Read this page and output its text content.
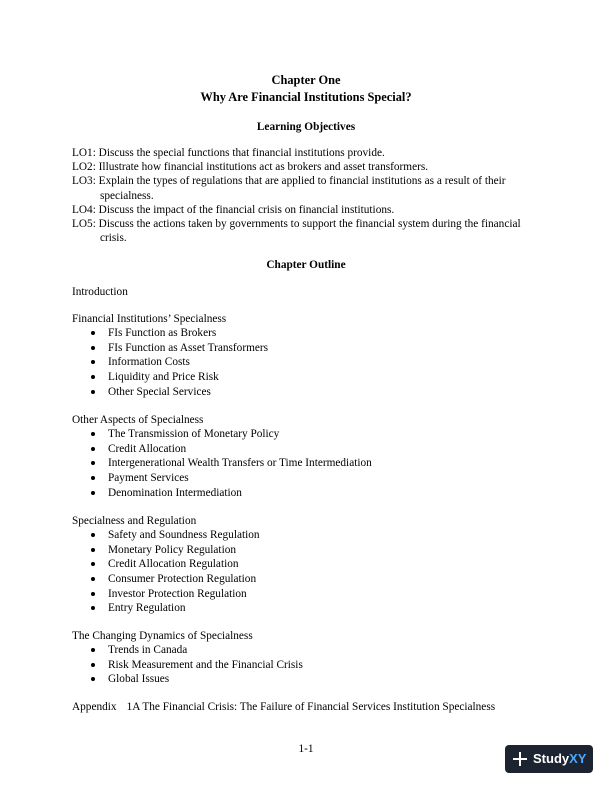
Chapter One
Why Are Financial Institutions Special?
Learning Objectives
LO1: Discuss the special functions that financial institutions provide.
LO2: Illustrate how financial institutions act as brokers and asset transformers.
LO3: Explain the types of regulations that are applied to financial institutions as a result of their specialness.
LO4: Discuss the impact of the financial crisis on financial institutions.
LO5: Discuss the actions taken by governments to support the financial system during the financial crisis.
Chapter Outline
Introduction
Financial Institutions’ Specialness
FIs Function as Brokers
FIs Function as Asset Transformers
Information Costs
Liquidity and Price Risk
Other Special Services
Other Aspects of Specialness
The Transmission of Monetary Policy
Credit Allocation
Intergenerational Wealth Transfers or Time Intermediation
Payment Services
Denomination Intermediation
Specialness and Regulation
Safety and Soundness Regulation
Monetary Policy Regulation
Credit Allocation Regulation
Consumer Protection Regulation
Investor Protection Regulation
Entry Regulation
The Changing Dynamics of Specialness
Trends in Canada
Risk Measurement and the Financial Crisis
Global Issues
Appendix 1A The Financial Crisis: The Failure of Financial Services Institution Specialness
1-1
Study XY
